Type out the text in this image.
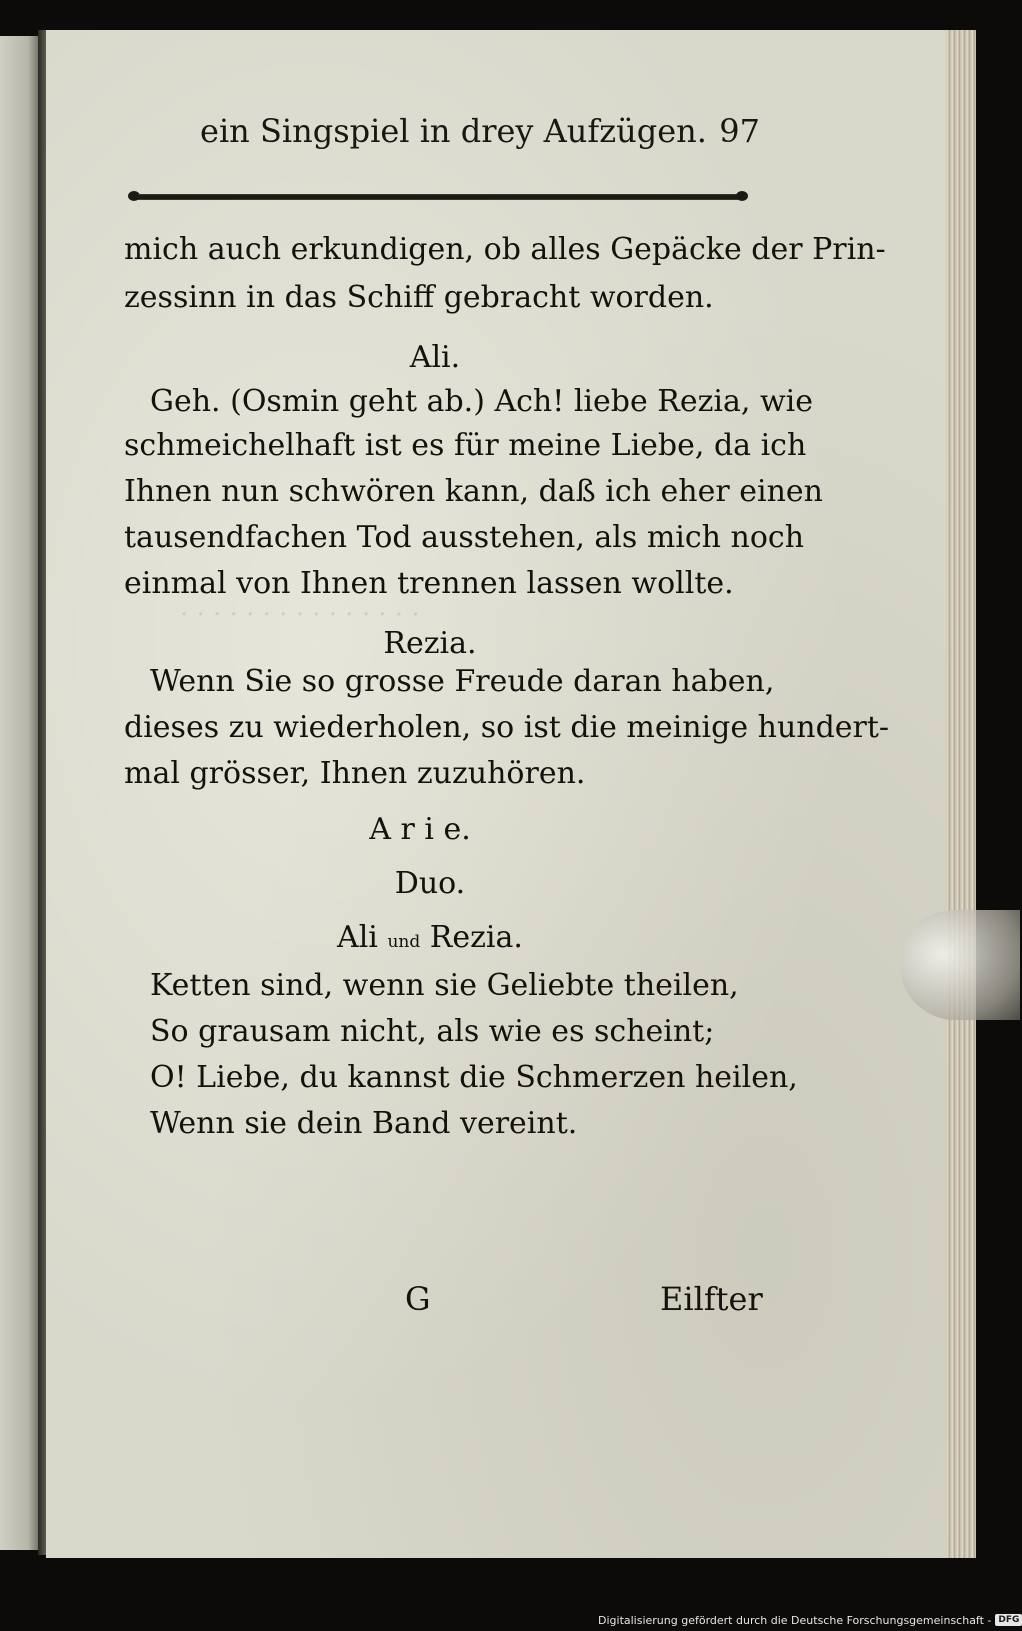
· · · · · · · · · · · · · · ·
ein Singspiel in drey Aufzügen. 97
mich auch erkundigen, ob alles Gepäcke der Prin-
zessinn in das Schiff gebracht worden.
Ali.
Geh. (Osmin geht ab.) Ach! liebe Rezia, wie
schmeichelhaft ist es für meine Liebe, da ich
Ihnen nun schwören kann, daß ich eher einen
tausendfachen Tod ausstehen, als mich noch
einmal von Ihnen trennen lassen wollte.
Rezia.
Wenn Sie so grosse Freude daran haben,
dieses zu wiederholen, so ist die meinige hundert-
mal grösser, Ihnen zuzuhören.
A r i e.
Duo.
Ali und Rezia.
Ketten sind, wenn sie Geliebte theilen,
So grausam nicht, als wie es scheint;
O! Liebe, du kannst die Schmerzen heilen,
Wenn sie dein Band vereint.
G	Eilfter
Digitalisierung gefördert durch die Deutsche Forschungsgemeinschaft - DFG
